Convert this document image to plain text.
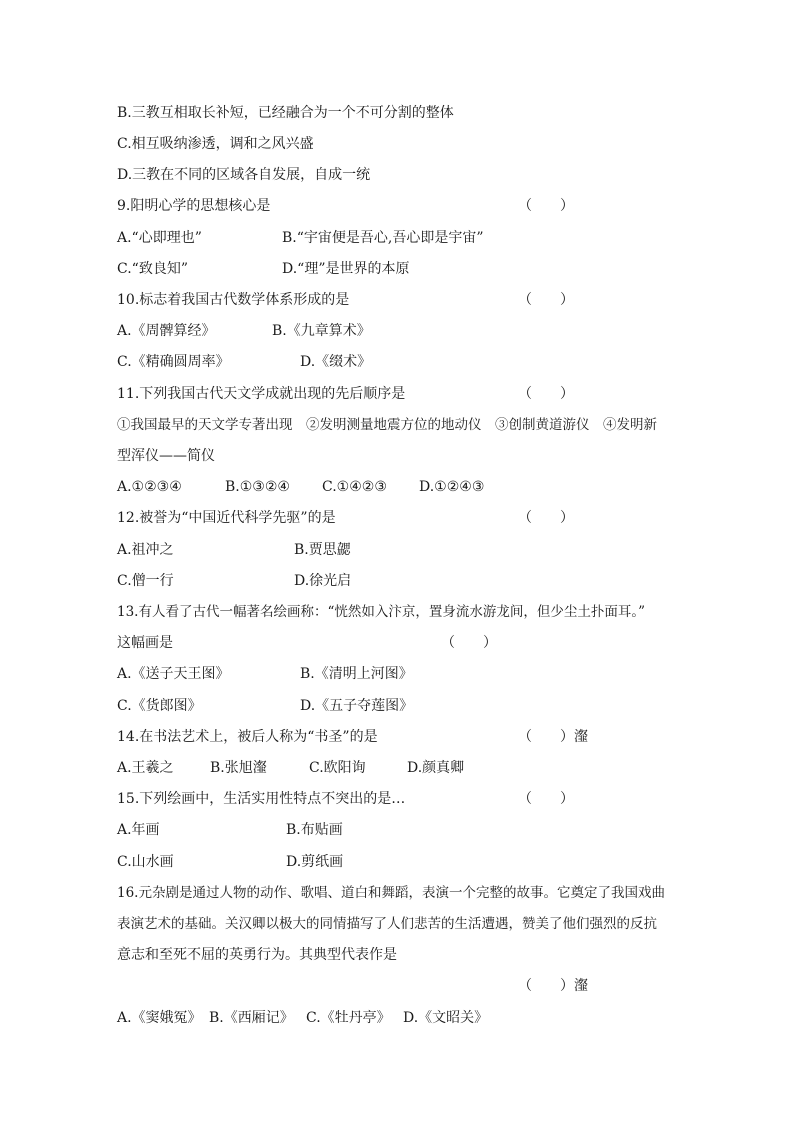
B.三教互相取长补短，已经融合为一个不可分割的整体
C.相互吸纳渗透，调和之风兴盛
D.三教在不同的区域各自发展，自成一统
9.阳明心学的思想核心是	（　　）
A.“心即理也”	B.“宇宙便是吾心,吾心即是宇宙”
C.“致良知”	D.“理”是世界的本原
10.标志着我国古代数学体系形成的是	（　　）
A.《周髀算经》	B.《九章算术》
C.《精确圆周率》	D.《缀术》
11.下列我国古代天文学成就出现的先后顺序是	（　　）
①我国最早的天文学专著出现　②发明测量地震方位的地动仪　③创制黄道游仪　④发明新
型浑仪——简仪
A.①②③④	B.①③②④ C.①④②③ D.①②④③
12.被誉为“中国近代科学先驱”的是	（　　）
A.祖冲之	B.贾思勰
C.僧一行	D.徐光启
13.有人看了古代一幅著名绘画称：“恍然如入汴京，置身流水游龙间，但少尘土扑面耳。”
这幅画是	（　　）
A.《送子天王图》	B.《清明上河图》
C.《货郎图》	D.《五子夺莲图》
14.在书法艺术上，被后人称为“书圣”的是	（　　）瀣
A.王羲之	B.张旭瀣	C.欧阳询	D.颜真卿
15.下列绘画中，生活实用性特点不突出的是…	（　　）
A.年画	B.布贴画
C.山水画	D.剪纸画
16.元杂剧是通过人物的动作、歌唱、道白和舞蹈，表演一个完整的故事。它奠定了我国戏曲
表演艺术的基础。关汉卿以极大的同情描写了人们悲苦的生活遭遇，赞美了他们强烈的反抗
意志和至死不屈的英勇行为。其典型代表作是
（　　）瀣
A.《窦娥冤》 B.《西厢记》 C.《牡丹亭》 D.《文昭关》
